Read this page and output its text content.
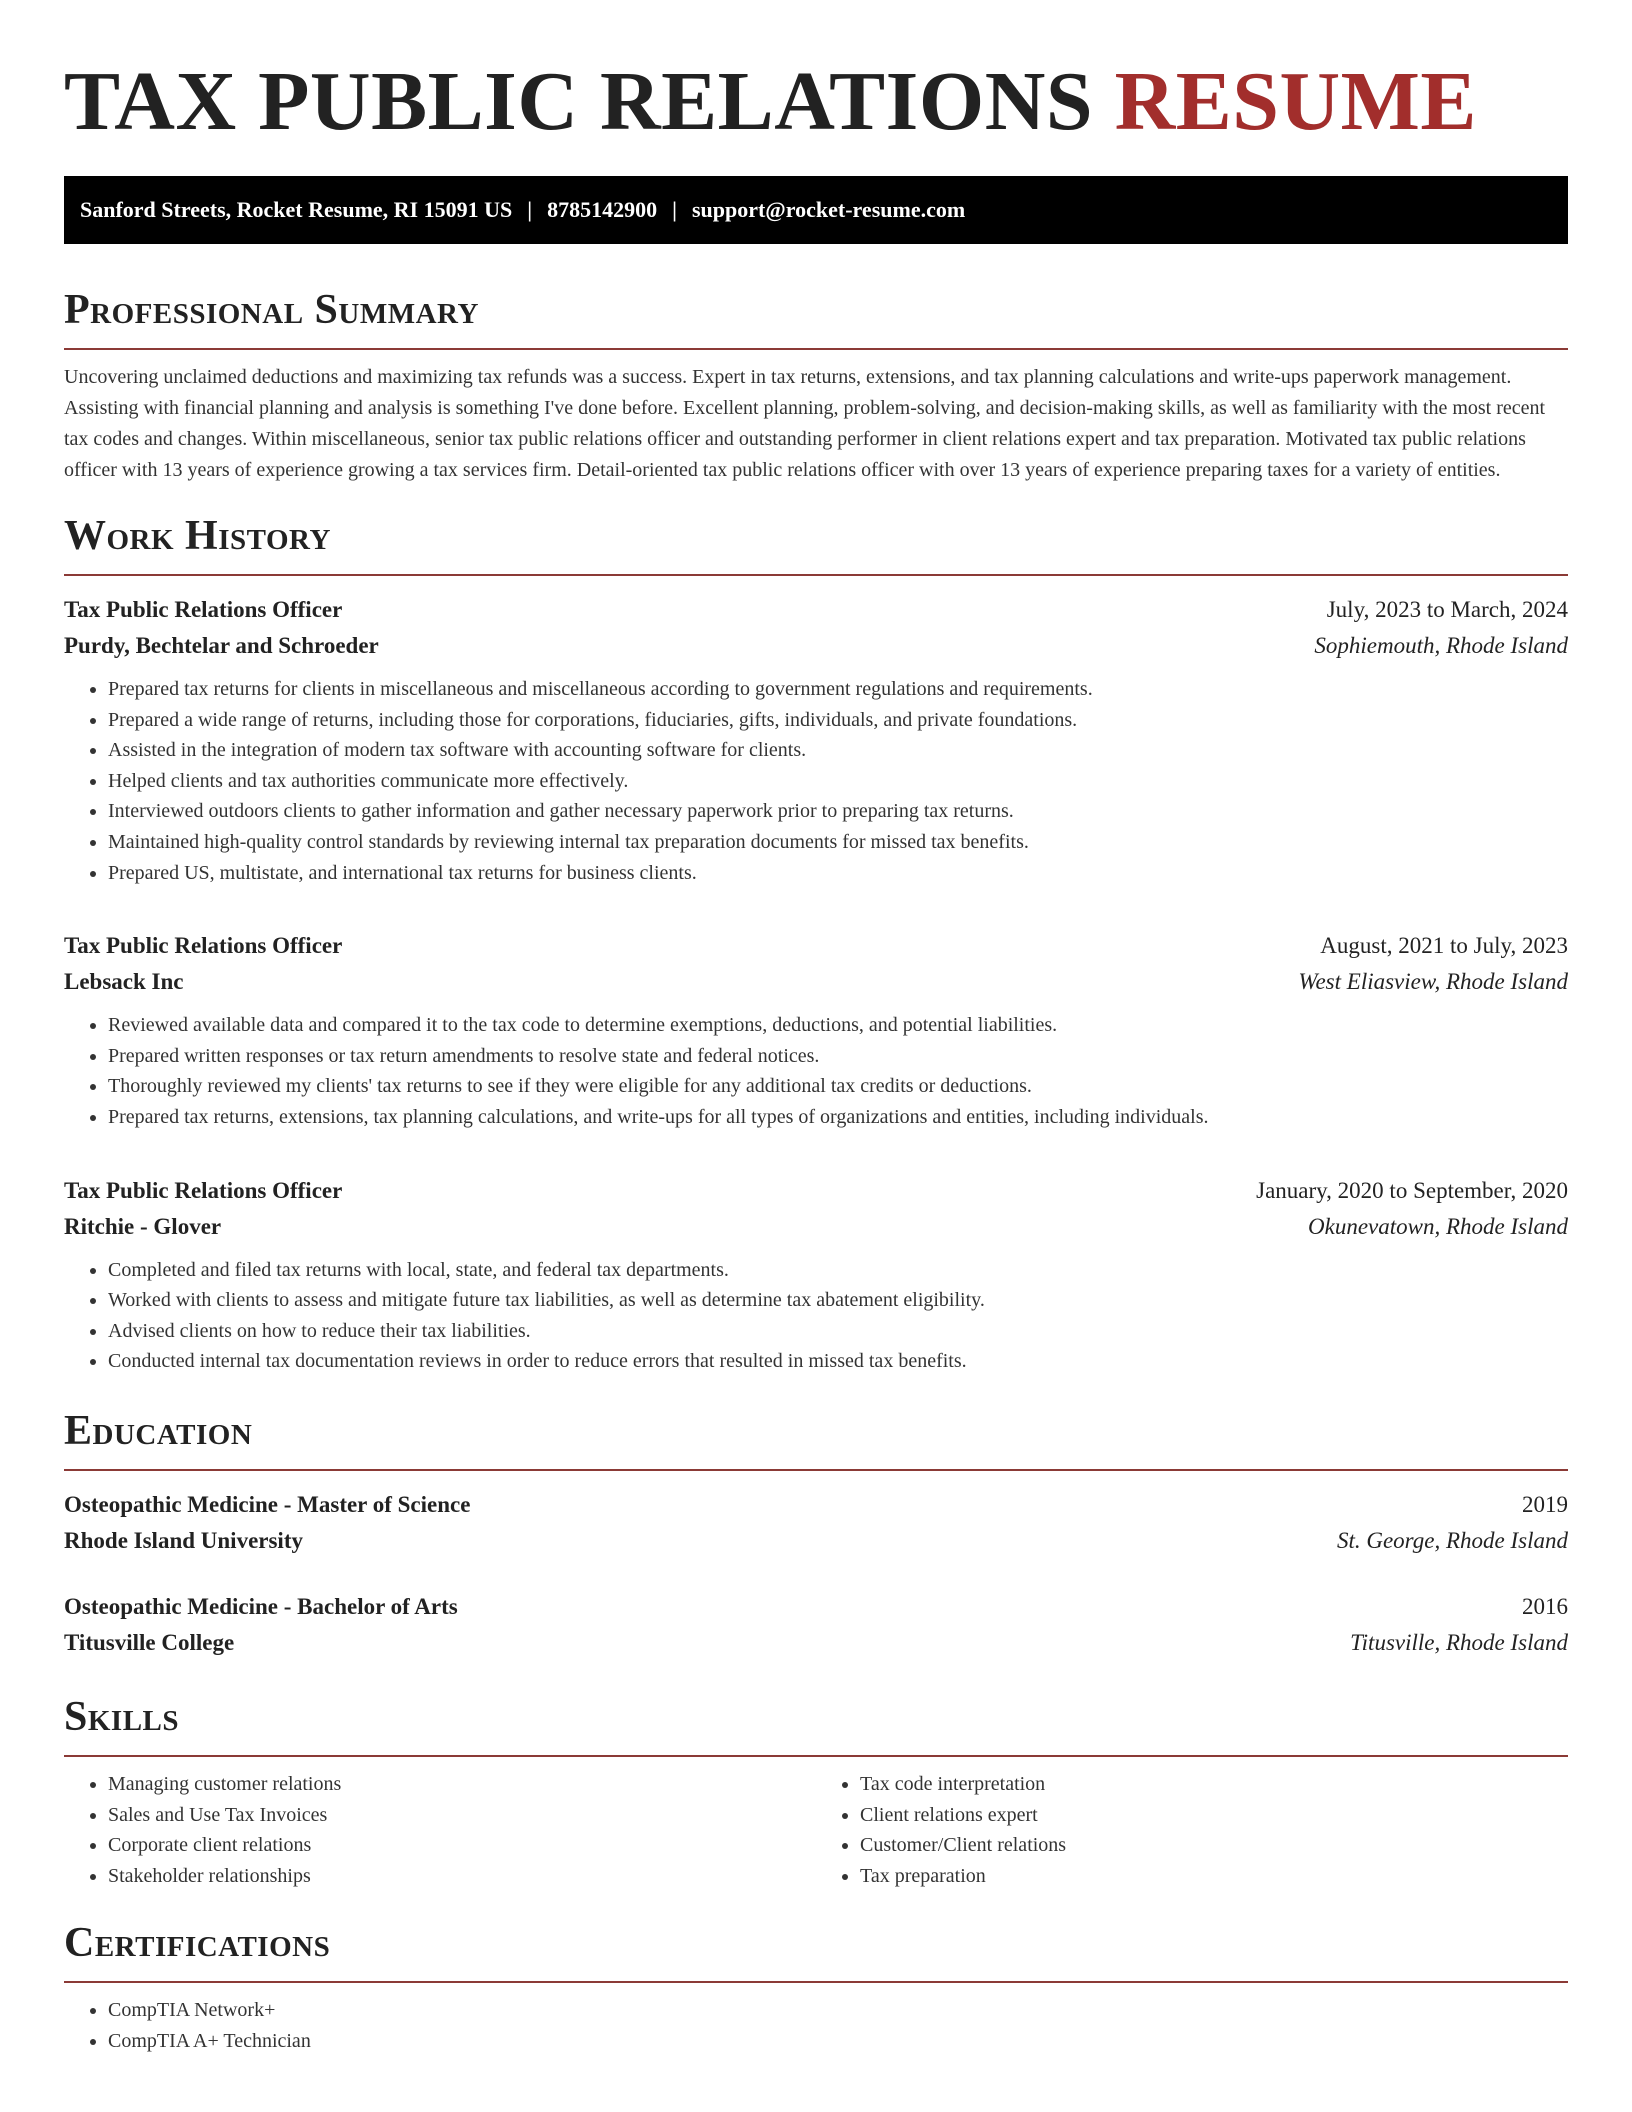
TAX PUBLIC RELATIONS RESUME
Sanford Streets, Rocket Resume, RI 15091 US | 8785142900 | support@rocket-resume.com
Professional Summary

Uncovering unclaimed deductions and maximizing tax refunds was a success. Expert in tax returns, extensions, and tax planning calculations and write-ups paperwork management. Assisting with financial planning and analysis is something I've done before. Excellent planning, problem-solving, and decision-making skills, as well as familiarity with the most recent tax codes and changes. Within miscellaneous, senior tax public relations officer and outstanding performer in client relations expert and tax preparation. Motivated tax public relations officer with 13 years of experience growing a tax services firm. Detail-oriented tax public relations officer with over 13 years of experience preparing taxes for a variety of entities.

Work History
Tax Public Relations Officer	July, 2023 to March, 2024
Purdy, Bechtelar and Schroeder	Sophiemouth, Rhode Island
• Prepared tax returns for clients in miscellaneous and miscellaneous according to government regulations and requirements.
• Prepared a wide range of returns, including those for corporations, fiduciaries, gifts, individuals, and private foundations.
• Assisted in the integration of modern tax software with accounting software for clients.
• Helped clients and tax authorities communicate more effectively.
• Interviewed outdoors clients to gather information and gather necessary paperwork prior to preparing tax returns.
• Maintained high-quality control standards by reviewing internal tax preparation documents for missed tax benefits.
• Prepared US, multistate, and international tax returns for business clients.
Tax Public Relations Officer	August, 2021 to July, 2023
Lebsack Inc	West Eliasview, Rhode Island
• Reviewed available data and compared it to the tax code to determine exemptions, deductions, and potential liabilities.
• Prepared written responses or tax return amendments to resolve state and federal notices.
• Thoroughly reviewed my clients' tax returns to see if they were eligible for any additional tax credits or deductions.
• Prepared tax returns, extensions, tax planning calculations, and write-ups for all types of organizations and entities, including individuals.
Tax Public Relations Officer	January, 2020 to September, 2020
Ritchie - Glover	Okunevatown, Rhode Island
• Completed and filed tax returns with local, state, and federal tax departments.
• Worked with clients to assess and mitigate future tax liabilities, as well as determine tax abatement eligibility.
• Advised clients on how to reduce their tax liabilities.
• Conducted internal tax documentation reviews in order to reduce errors that resulted in missed tax benefits.
Education
Osteopathic Medicine - Master of Science	2019
Rhode Island University	St. George, Rhode Island
Osteopathic Medicine - Bachelor of Arts	2016
Titusville College	Titusville, Rhode Island
Skills
• Managing customer relations
• Sales and Use Tax Invoices
• Corporate client relations
• Stakeholder relationships
• Tax code interpretation
• Client relations expert
• Customer/Client relations
• Tax preparation
Certifications
• CompTIA Network+
• CompTIA A+ Technician
